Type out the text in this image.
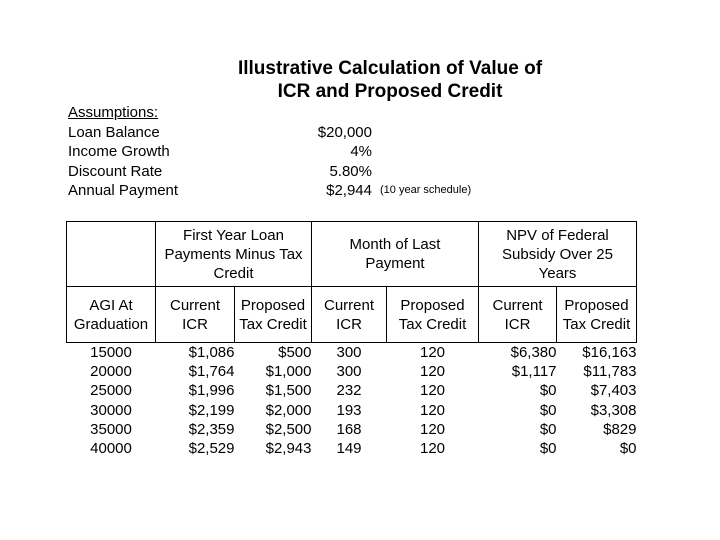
Illustrative Calculation of Value of
ICR and Proposed Credit
Assumptions:
Loan Balance	$20,000
Income Growth	4%
Discount Rate	5.80%
Annual Payment	$2,944 (10 year schedule)

	First Year Loan Payments Minus Tax Credit		Month of Last Payment		NPV of Federal Subsidy Over 25 Years	

AGI At Graduation	Current ICR	Proposed Tax Credit	Current ICR	Proposed Tax Credit	Current ICR	Proposed Tax Credit

15000	$1,086	$500	300	120	$6,380	$16,163
20000	$1,764	$1,000	300	120	$1,117	$11,783
25000	$1,996	$1,500	232	120	$0	$7,403
30000	$2,199	$2,000	193	120	$0	$3,308
35000	$2,359	$2,500	168	120	$0	$829
40000	$2,529	$2,943	149	120	$0	$0
